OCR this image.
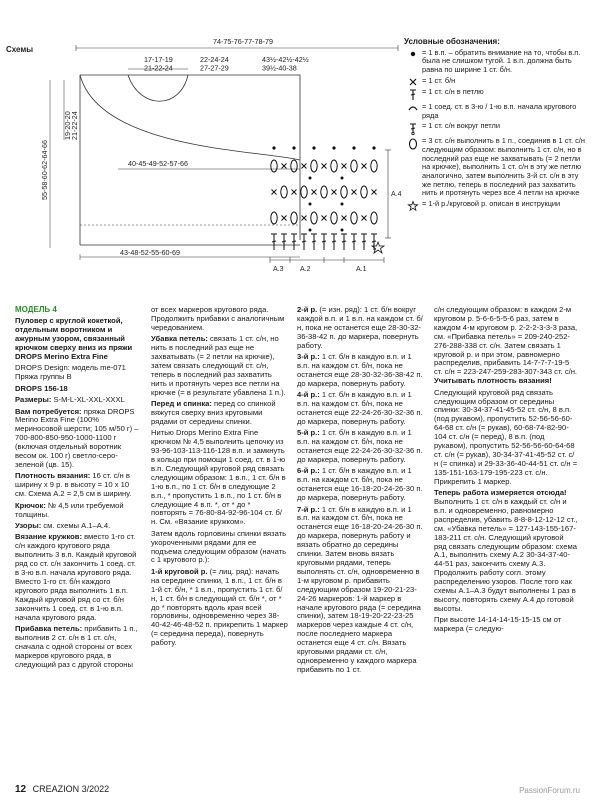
Схемы
74-75-76-77-78-79
17-17-19
21-22-24
22-24-24
27-27-29
43½-42½-42½
39½-40-38
19-20-20
21-22-24
55-58-60-62-64-66	40-45-49-52-57-66
43-48-52-55-60-69
A.4
A.3 A.2	A.1
Условные обозначения:
= 1 в.п. – обратить внимание на то, чтобы в.п. была не слишком тугой. 1 в.п. должна быть равна по ширине 1 ст. б/н.
= 1 ст. б/н
= 1 ст. с/н в петлю
= 1 соед. ст. в 3-ю / 1-ю в.п. начала кругового ряда
= 1 ст. с/н вокруг петли
= 3 ст. с/н выполнить в 1 п., соединив в 1 ст. с/н следующим образом: выполнить 1 ст. с/н, но в последний раз еще не захватывать (= 2 петли на крючке), выполнить 1 ст. с/н в эту же петлю аналогично, затем выполнить 3-й ст. с/н в эту же петлю, теперь в последний раз захватить нить и протянуть через все 4 петли на крючке
= 1-й р./круговой р. описан в инструкции

МОДЕЛЬ 4

Пуловер с круглой кокеткой, отдельным воротником и ажурным узором, связанный крючком сверху вниз из пряжи DROPS Merino Extra Fine

DROPS Design: модель me-071 Пряжа группы B

DROPS 156-18

Размеры: S-M-L-XL-XXL-XXXL

Вам потребуется: пряжа DROPS Merino Extra Fine (100% мериносовой шерсти; 105 м/50 г) – 700-800-850-950-1000-1100 г (включая отдельный воротник весом ок. 100 г) светло-серо-зеленой (цв. 15).

Плотность вязания: 16 ст. с/н в ширину х 9 р. в высоту = 10 х 10 см. Схема А.2 = 2,5 см в ширину.

Крючок: № 4,5 или требуемой толщины.

Узоры: см. схемы А.1–А.4.

Вязание кружков: вместо 1-го ст. с/н каждого кругового ряда выполнить 3 в.п. Каждый круговой ряд со ст. с/н закончить 1 соед. ст. в 3-ю в.п. начала кругового ряда. Вместо 1-го ст. б/н каждого кругового ряда выполнить 1 в.п. Каждый круговой ряд со ст. б/н закончить 1 соед. ст. в 1-ю в.п. начала кругового ряда.

Прибавка петель: прибавить 1 п., выполнив 2 ст. с/н в 1 ст. с/н, сначала с одной стороны от всех маркеров кругового ряда, в следующий раз с другой стороны

от всех маркеров кругового ряда. Продолжить прибавки с аналогичным чередованием.

Убавка петель: связать 1 ст. с/н, но нить в последний раз еще не захватывать (= 2 петли на крючке), затем связать следующий ст. с/н, теперь в последний раз захватить нить и протянуть через все петли на крючке (= в результате убавлена 1 п.).

Перед и спинка: перед со спинкой вяжутся сверху вниз круговыми рядами от середины спинки.

Нитью Drops Merino Extra Fine крючком № 4,5 выполнить цепочку из 93-96-103-113-116-128 в.п. и замкнуть в кольцо при помощи 1 соед. ст. в 1-ю в.п. Следующий круговой ряд связать следующим образом: 1 в.п., 1 ст. б/н в 1-ю в.п., по 1 ст. б/н в следующие 2 в.п., * пропустить 1 в.п., по 1 ст. б/н в следующие 4 в.п. *, от * до * повторять = 76-80-84-92-96-104 ст. б/н. См. «Вязание кружком».

Затем вдоль горловины спинки вязать укороченными рядами для ее подъема следующим образом (начать с 1 кругового р.):

1-й круговой р. (= лиц. ряд): начать на середине спинки, 1 в.п., 1 ст. б/н в 1-й ст. б/н, * 1 в.п., пропустить 1 ст. б/н, 1 ст. б/н в следующий ст. б/н *, от * до * повторять вдоль края всей горловины, одновременно через 38-40-42-46-48-52 п. прикрепить 1 маркер (= середина переда), повернуть работу.

2-й р. (= изн. ряд): 1 ст. б/н вокруг каждой в.п. и 1 в.п. на каждом ст. б/н, пока не останется еще 28-30-32-36-38-42 п. до маркера, повернуть работу.

3-й р.: 1 ст. б/н в каждую в.п. и 1 в.п. на каждом ст. б/н, пока не останется еще 28-30-32-36-38-42 п. до маркера, повернуть работу.

4-й р.: 1 ст. б/н в каждую в.п. и 1 в.п. на каждом ст. б/н, пока не останется еще 22-24-26-30-32-36 п. до маркера, повернуть работу.

5-й р.: 1 ст. б/н в каждую в.п. и 1 в.п. на каждом ст. б/н, пока не останется еще 22-24-26-30-32-36 п. до маркера, повернуть работу.

6-й р.: 1 ст. б/н в каждую в.п. и 1 в.п. на каждом ст. б/н, пока не останется еще 16-18-20-24-26-30 п. до маркера, повернуть работу.

7-й р.: 1 ст. б/н в каждую в.п. и 1 в.п. на каждом ст. б/н, пока не останется еще 16-18-20-24-26-30 п. до маркера, повернуть работу и вязать обратно до середины спинки. Затем вновь вязать круговыми рядами, теперь выполнять ст. с/н, одновременно в 1-м круговом р. прибавить следующим образом 19-20-21-23-24-26 маркеров: 1-й маркер в начале кругового ряда (= середина спинки), затем 18-19-20-22-23-25 маркеров через каждые 4 ст. с/н, после последнего маркера останется еще 4 ст. с/н. Вязать круговыми рядами ст. с/н, одновременно у каждого маркера прибавить по 1 ст.

с/н следующим образом: в каждом 2-м круговом р. 5-6-6-5-5-6 раз, затем в каждом 4-м круговом р. 2-2-2-3-3-3 раза, см. «Прибавка петель» = 209-240-252-276-288-338 ст. с/н. Затем связать 1 круговой р. и при этом, равномерно распределив, прибавить 14-7-7-7-19-5 ст. с/н = 223-247-259-283-307-343 ст. с/н. Учитывать плотность вязания!

Следующий круговой ряд связать следующим образом от середины спинки: 30-34-37-41-45-52 ст. с/н, 8 в.п. (под рукавом), пропустить 52-56-56-60-64-68 ст. с/н (= рукав), 60-68-74-82-90-104 ст. с/н (= перед), 8 в.п. (под рукавом), пропустить 52-56-56-60-64-68 ст. с/н (= рукав), 30-34-37-41-45-52 ст. с/н (= спинка) и 29-33-36-40-44-51 ст. с/н = 135-151-163-179-195-223 ст. с/н. Прикрепить 1 маркер.

Теперь работа измеряется отсюда! Выполнить 1 ст. с/н в каждый ст. с/н и в.п. и одновременно, равномерно распределив, убавить 8-8-8-12-12-12 ст., см. «Убавка петель» = 127-143-155-167-183-211 ст. с/н. Следующий круговой ряд связать следующим образом: схема А.1, выполнить схему А.2 30-34-37-40-44-51 раз, закончить схему А.3. Продолжить работу согл. этому распределению узоров. После того как схемы А.1–А.3 будут выполнены 1 раз в высоту, повторять схему А.4 до готовой высоты.

При высоте 14-14-14-15-15-15 см от маркера (= следую-

12 CREAZION 3/2022	PassionForum.ru
